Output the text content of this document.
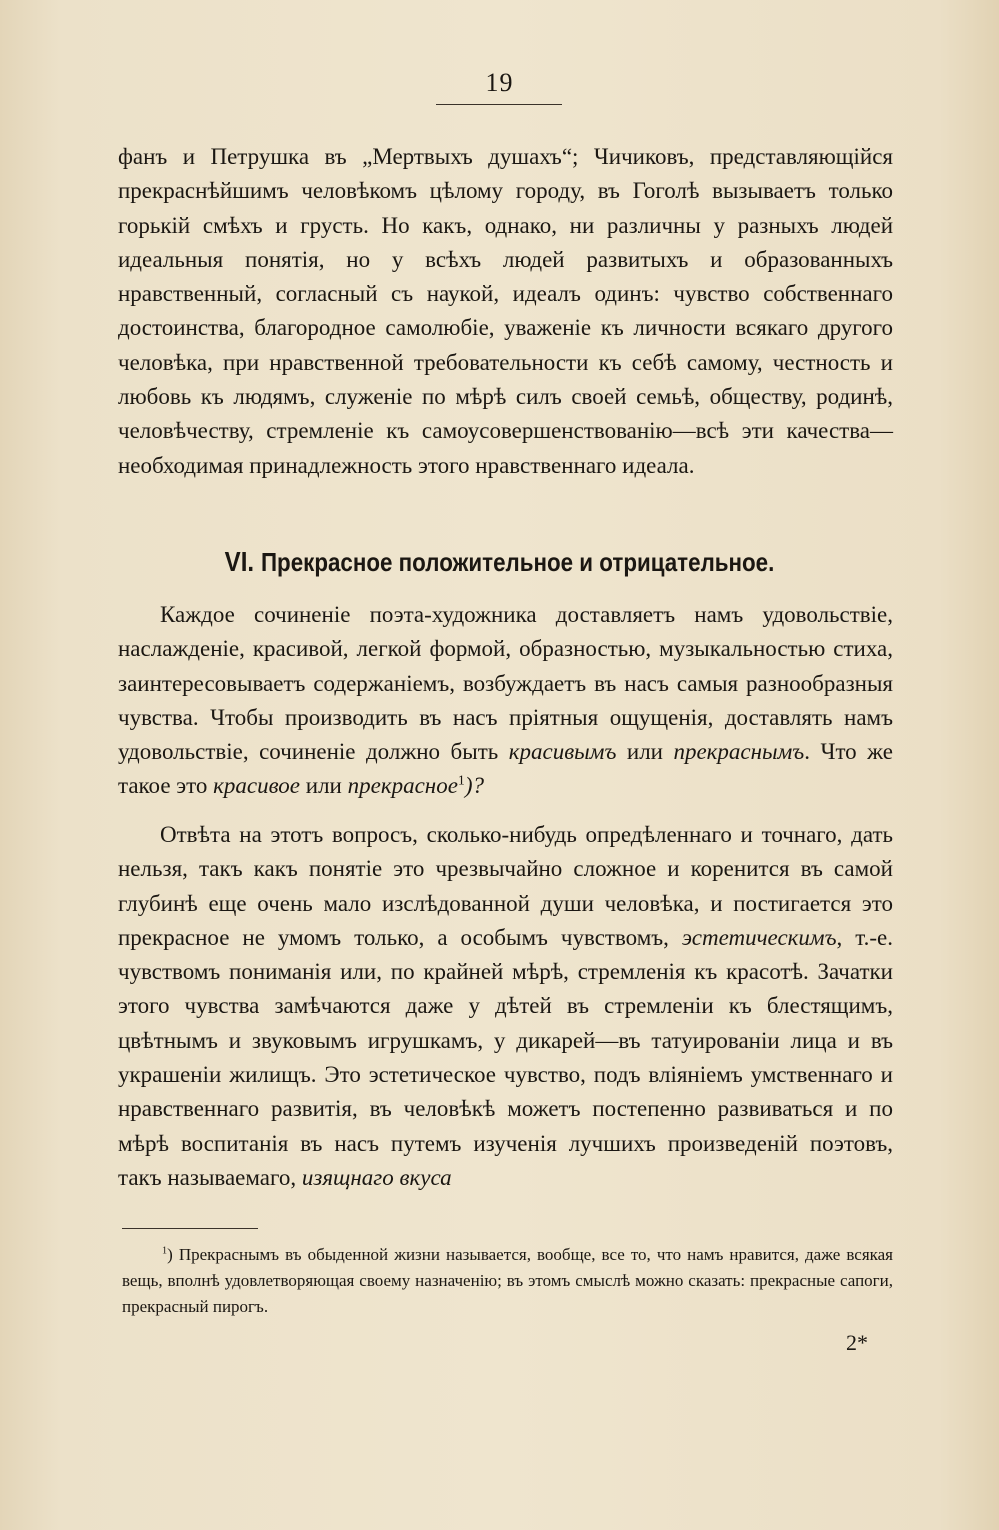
19

фанъ и Петрушка въ „Мертвыхъ душахъ“; Чичиковъ, представляющійся прекраснѣйшимъ человѣкомъ цѣлому городу, въ Гоголѣ вызываетъ только горькій смѣхъ и грусть. Но какъ, однако, ни различны у разныхъ людей идеальныя понятія, но у всѣхъ людей развитыхъ и образованныхъ нравственный, согласный съ наукой, идеалъ одинъ: чувство собственнаго достоинства, благородное самолюбіе, уваженіе къ личности всякаго другого человѣка, при нравственной требовательности къ себѣ самому, честность и любовь къ людямъ, служеніе по мѣрѣ силъ своей семьѣ, обществу, родинѣ, человѣчеству, стремленіе къ самоусовершенствованію—всѣ эти качества—необходимая принадлежность этого нравственнаго идеала.

VI. Прекрасное положительное и отрицательное.

Каждое сочиненіе поэта-художника доставляетъ намъ удовольствіе, наслажденіе, красивой, легкой формой, образностью, музыкальностью стиха, заинтересовываетъ содержаніемъ, возбуждаетъ въ насъ самыя разнообразныя чувства. Чтобы производить въ насъ пріятныя ощущенія, доставлять намъ удовольствіе, сочиненіе должно быть красивымъ или прекраснымъ. Что же такое это красивое или прекрасное$^1$)?

Отвѣта на этотъ вопросъ, сколько-нибудь опредѣленнаго и точнаго, дать нельзя, такъ какъ понятіе это чрезвычайно сложное и коренится въ самой глубинѣ еще очень мало изслѣдованной души человѣка, и постигается это прекрасное не умомъ только, а особымъ чувствомъ, эстетическимъ, т.-е. чувствомъ пониманія или, по крайней мѣрѣ, стремленія къ красотѣ. Зачатки этого чувства замѣчаются даже у дѣтей въ стремленіи къ блестящимъ, цвѣтнымъ и звуковымъ игрушкамъ, у дикарей—въ татуированіи лица и въ украшеніи жилищъ. Это эстетическое чувство, подъ вліяніемъ умственнаго и нравственнаго развитія, въ человѣкѣ можетъ постепенно развиваться и по мѣрѣ воспитанія въ насъ путемъ изученія лучшихъ произведеній поэтовъ, такъ называемаго, изящнаго вкуса

$^1$) Прекраснымъ въ обыденной жизни называется, вообще, все то, что намъ нравится, даже всякая вещь, вполнѣ удовлетворяющая своему назначенію; въ этомъ смыслѣ можно сказать: прекрасные сапоги, прекрасный пирогъ.

2*
